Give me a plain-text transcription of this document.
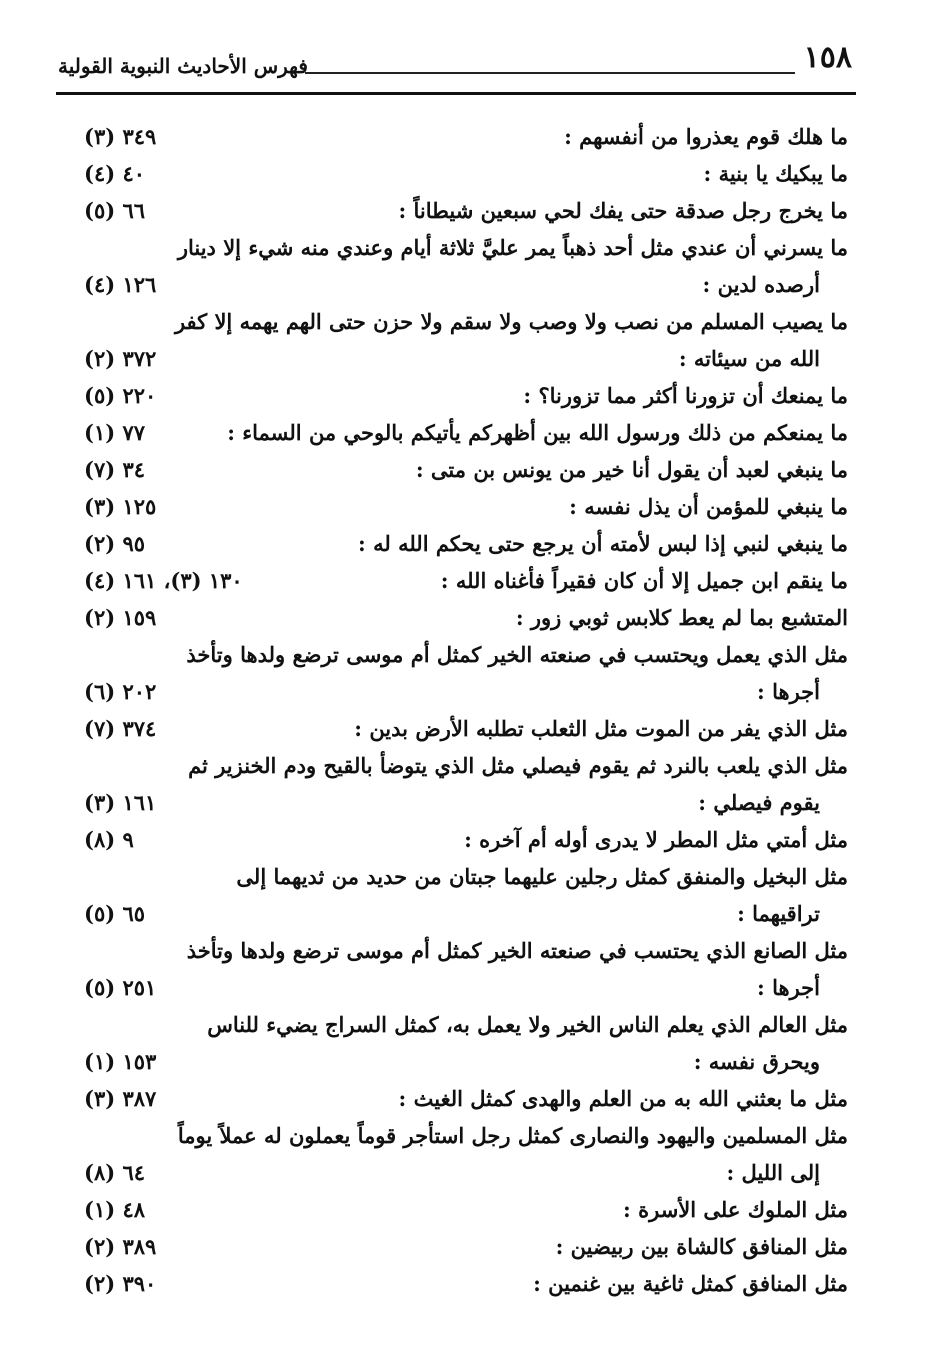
١٥٨
فهرس الأحاديث النبوية القولية
ما هلك قوم يعذروا من أنفسهم :
٣٤٩ (٣)
ما يبكيك يا بنية :
٤٠ (٤)
ما يخرج رجل صدقة حتى يفك لحي سبعين شيطاناً :
٦٦ (٥)
ما يسرني أن عندي مثل أحد ذهباً يمر عليَّ ثلاثة أيام وعندي منه شيء إلا دينار
أرصده لدين :
١٢٦ (٤)
ما يصيب المسلم من نصب ولا وصب ولا سقم ولا حزن حتى الهم يهمه إلا كفر
الله من سيئاته :
٣٧٢ (٢)
ما يمنعك أن تزورنا أكثر مما تزورنا؟ :
٢٢٠ (٥)
ما يمنعكم من ذلك ورسول الله بين أظهركم يأتيكم بالوحي من السماء :
٧٧ (١)
ما ينبغي لعبد أن يقول أنا خير من يونس بن متى :
٣٤ (٧)
ما ينبغي للمؤمن أن يذل نفسه :
١٢٥ (٣)
ما ينبغي لنبي إذا لبس لأمته أن يرجع حتى يحكم الله له :
٩٥ (٢)
ما ينقم ابن جميل إلا أن كان فقيراً فأغناه الله :
١٣٠ (٣)، ١٦١ (٤)
المتشبع بما لم يعط كلابس ثوبي زور :
١٥٩ (٢)
مثل الذي يعمل ويحتسب في صنعته الخير كمثل أم موسى ترضع ولدها وتأخذ
أجرها :
٢٠٢ (٦)
مثل الذي يفر من الموت مثل الثعلب تطلبه الأرض بدين :
٣٧٤ (٧)
مثل الذي يلعب بالنرد ثم يقوم فيصلي مثل الذي يتوضأ بالقيح ودم الخنزير ثم
يقوم فيصلي :
١٦١ (٣)
مثل أمتي مثل المطر لا يدرى أوله أم آخره :
٩ (٨)
مثل البخيل والمنفق كمثل رجلين عليهما جبتان من حديد من ثديهما إلى
تراقيهما :
٦٥ (٥)
مثل الصانع الذي يحتسب في صنعته الخير كمثل أم موسى ترضع ولدها وتأخذ
أجرها :
٢٥١ (٥)
مثل العالم الذي يعلم الناس الخير ولا يعمل به، كمثل السراج يضيء للناس
ويحرق نفسه :
١٥٣ (١)
مثل ما بعثني الله به من العلم والهدى كمثل الغيث :
٣٨٧ (٣)
مثل المسلمين واليهود والنصارى كمثل رجل استأجر قوماً يعملون له عملاً يوماً
إلى الليل :
٦٤ (٨)
مثل الملوك على الأسرة :
٤٨ (١)
مثل المنافق كالشاة بين ربيضين :
٣٨٩ (٢)
مثل المنافق كمثل ثاغية بين غنمين :
٣٩٠ (٢)
